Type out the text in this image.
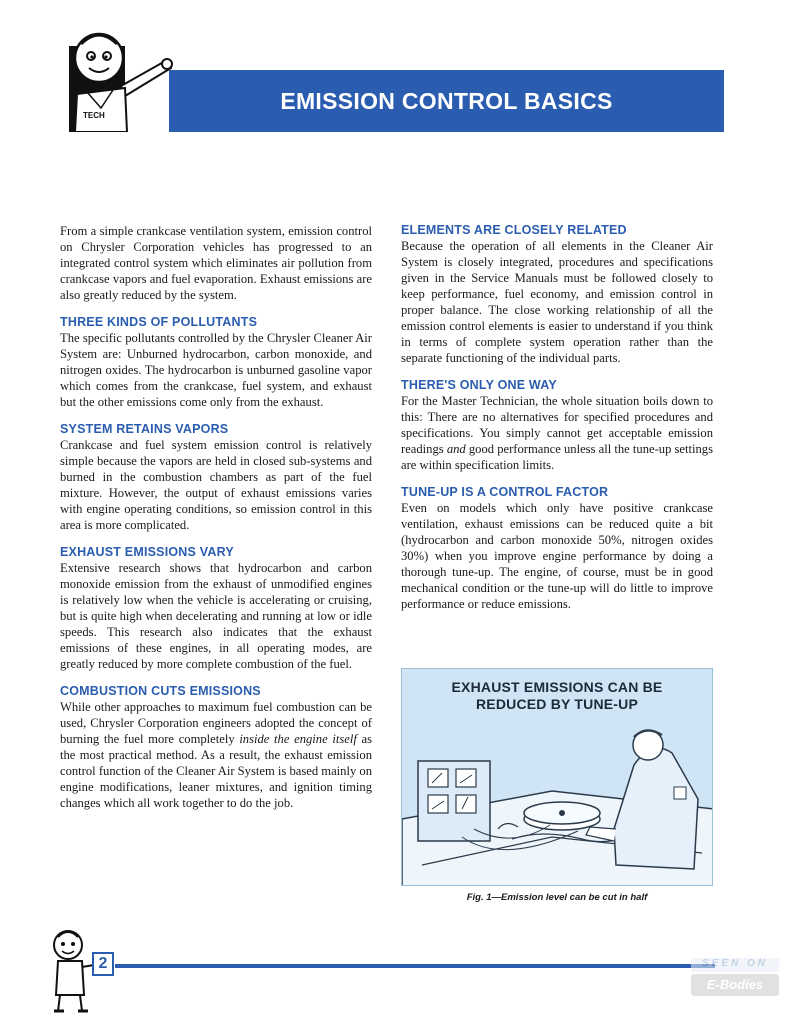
EMISSION CONTROL BASICS
TECH

From a simple crankcase ventilation system, emission control on Chrysler Corporation vehicles has progressed to an integrated control system which eliminates air pollution from crankcase vapors and fuel evaporation. Exhaust emissions are also greatly reduced by the system.

THREE KINDS OF POLLUTANTS

The specific pollutants controlled by the Chrysler Cleaner Air System are: Unburned hydrocarbon, carbon monoxide, and nitrogen oxides. The hydrocarbon is unburned gasoline vapor which comes from the crankcase, fuel system, and exhaust but the other emissions come only from the exhaust.

SYSTEM RETAINS VAPORS

Crankcase and fuel system emission control is relatively simple because the vapors are held in closed sub-systems and burned in the combustion chambers as part of the fuel mixture. However, the output of exhaust emissions varies with engine operating conditions, so emission control in this area is more complicated.

EXHAUST EMISSIONS VARY

Extensive research shows that hydrocarbon and carbon monoxide emission from the exhaust of unmodified engines is relatively low when the vehicle is accelerating or cruising, but is quite high when decelerating and running at low or idle speeds. This research also indicates that the exhaust emissions of these engines, in all operating modes, are greatly reduced by more complete combustion of the fuel.

COMBUSTION CUTS EMISSIONS

While other approaches to maximum fuel combustion can be used, Chrysler Corporation engineers adopted the concept of burning the fuel more completely inside the engine itself as the most practical method. As a result, the exhaust emission control function of the Cleaner Air System is based mainly on engine modifications, leaner mixtures, and ignition timing changes which all work together to do the job.

ELEMENTS ARE CLOSELY RELATED

Because the operation of all elements in the Cleaner Air System is closely integrated, procedures and specifications given in the Service Manuals must be followed closely to keep performance, fuel economy, and emission control in proper balance. The close working relationship of all the emission control elements is easier to understand if you think in terms of complete system operation rather than the separate functioning of the individual parts.

THERE'S ONLY ONE WAY

For the Master Technician, the whole situation boils down to this: There are no alternatives for specified procedures and specifications. You simply cannot get acceptable emission readings and good performance unless all the tune-up settings are within specification limits.

TUNE-UP IS A CONTROL FACTOR

Even on models which only have positive crankcase ventilation, exhaust emissions can be reduced quite a bit (hydrocarbon and carbon monoxide 50%, nitrogen oxides 30%) when you improve engine performance by doing a thorough tune-up. The engine, of course, must be in good mechanical condition or the tune-up will do little to improve performance or reduce emissions.

EXHAUST EMISSIONS CAN BE REDUCED BY TUNE-UP
Fig. 1—Emission level can be cut in half
2	SEEN ON
E-Bodies
